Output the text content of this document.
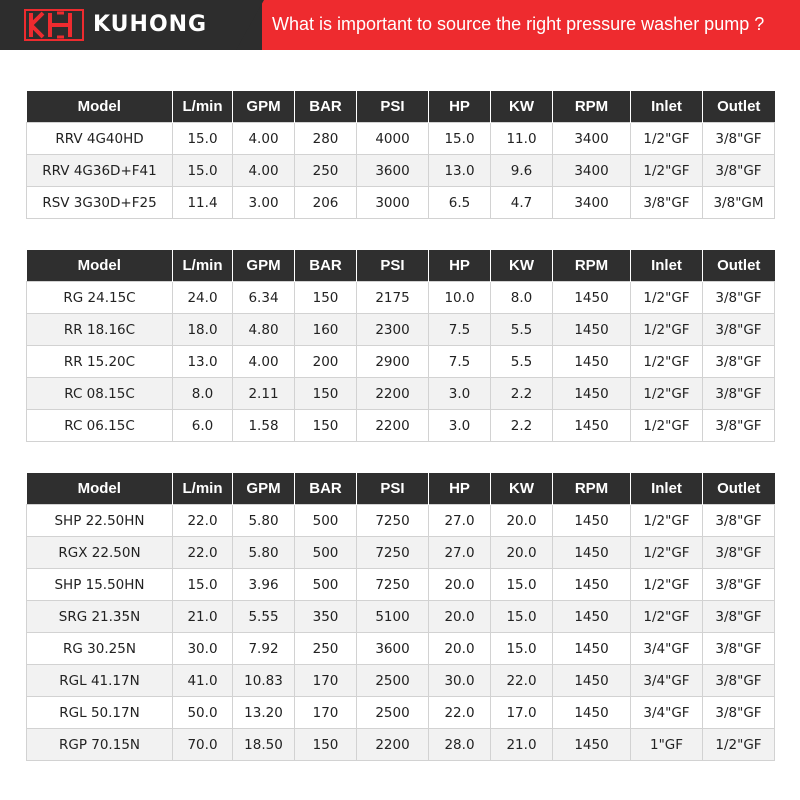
KUHONG	What is important to source the right pressure washer pump ?
Model	L/min	GPM	BAR	PSI	HP	KW	RPM	Inlet	Outlet
RRV 4G40HD	15.0	4.00	280	4000	15.0	11.0	3400	1/2"GF	3/8"GF
RRV 4G36D+F41	15.0	4.00	250	3600	13.0	9.6	3400	1/2"GF	3/8"GF
RSV 3G30D+F25	11.4	3.00	206	3000	6.5	4.7	3400	3/8"GF	3/8"GM
Model	L/min	GPM	BAR	PSI	HP	KW	RPM	Inlet	Outlet
RG 24.15C	24.0	6.34	150	2175	10.0	8.0	1450	1/2"GF	3/8"GF
RR 18.16C	18.0	4.80	160	2300	7.5	5.5	1450	1/2"GF	3/8"GF
RR 15.20C	13.0	4.00	200	2900	7.5	5.5	1450	1/2"GF	3/8"GF
RC 08.15C	8.0	2.11	150	2200	3.0	2.2	1450	1/2"GF	3/8"GF
RC 06.15C	6.0	1.58	150	2200	3.0	2.2	1450	1/2"GF	3/8"GF
Model	L/min	GPM	BAR	PSI	HP	KW	RPM	Inlet	Outlet
SHP 22.50HN	22.0	5.80	500	7250	27.0	20.0	1450	1/2"GF	3/8"GF
RGX 22.50N	22.0	5.80	500	7250	27.0	20.0	1450	1/2"GF	3/8"GF
SHP 15.50HN	15.0	3.96	500	7250	20.0	15.0	1450	1/2"GF	3/8"GF
SRG 21.35N	21.0	5.55	350	5100	20.0	15.0	1450	1/2"GF	3/8"GF
RG 30.25N	30.0	7.92	250	3600	20.0	15.0	1450	3/4"GF	3/8"GF
RGL 41.17N	41.0	10.83	170	2500	30.0	22.0	1450	3/4"GF	3/8"GF
RGL 50.17N	50.0	13.20	170	2500	22.0	17.0	1450	3/4"GF	3/8"GF
RGP 70.15N	70.0	18.50	150	2200	28.0	21.0	1450	1"GF	1/2"GF
